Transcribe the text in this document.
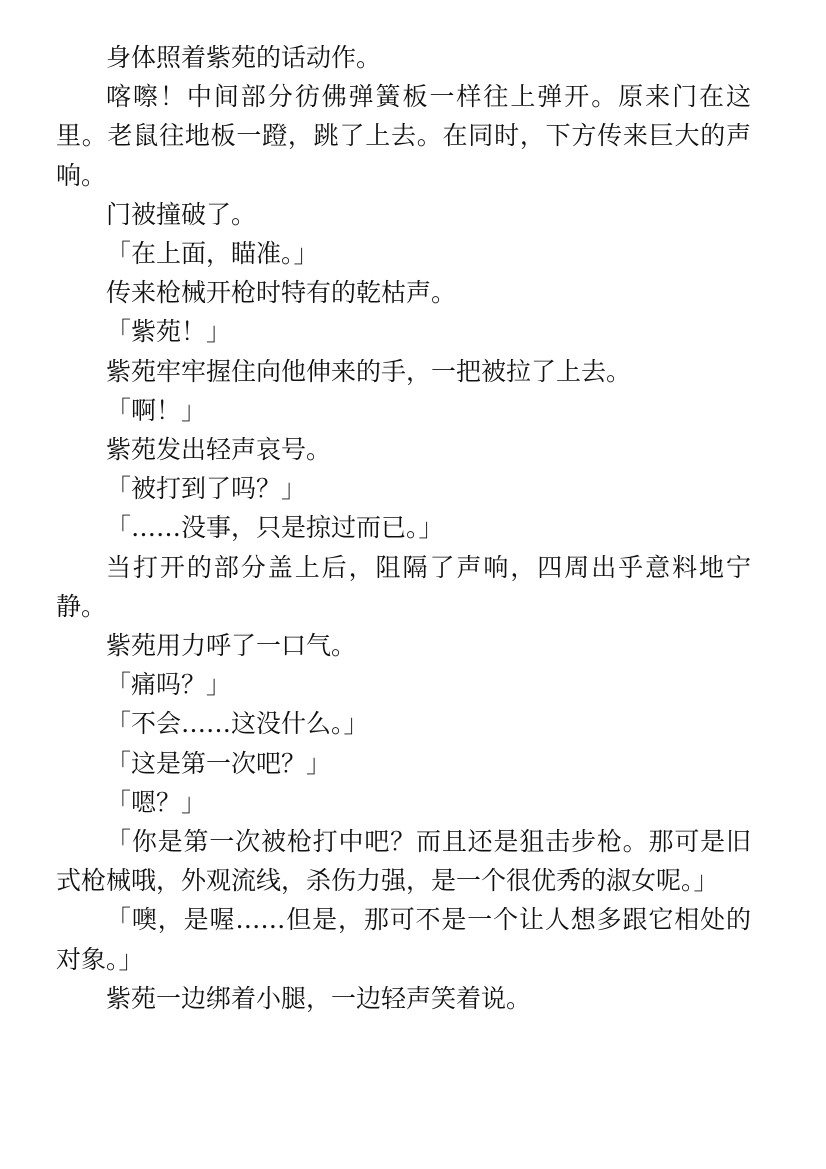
身体照着紫苑的话动作。

喀嚓！中间部分彷佛弹簧板一样往上弹开。原来门在这里。老鼠往地板一蹬，跳了上去。在同时，下方传来巨大的声响。

门被撞破了。

「在上面，瞄准。」

传来枪械开枪时特有的乾枯声。

「紫苑！」

紫苑牢牢握住向他伸来的手，一把被拉了上去。

「啊！」

紫苑发出轻声哀号。

「被打到了吗？」

「……没事，只是掠过而已。」

当打开的部分盖上后，阻隔了声响，四周出乎意料地宁静。

紫苑用力呼了一口气。

「痛吗？」

「不会……这没什么。」

「这是第一次吧？」

「嗯？」

「你是第一次被枪打中吧？而且还是狙击步枪。那可是旧式枪械哦，外观流线，杀伤力强，是一个很优秀的淑女呢。」

「噢，是喔……但是，那可不是一个让人想多跟它相处的对象。」

紫苑一边绑着小腿，一边轻声笑着说。
